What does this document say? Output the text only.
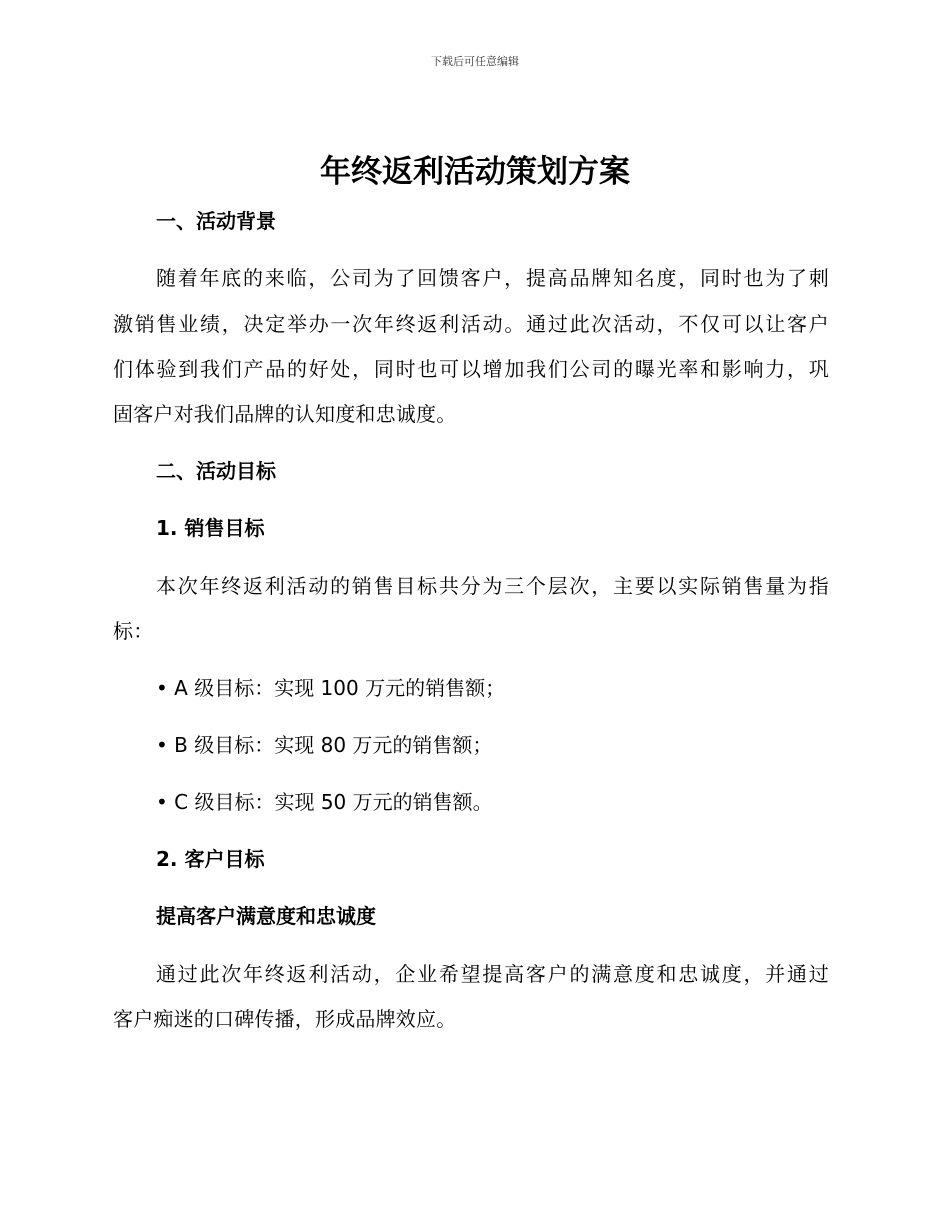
下载后可任意编辑
年终返利活动策划方案
一、活动背景
随着年底的来临，公司为了回馈客户，提高品牌知名度，同时也为了刺
激销售业绩，决定举办一次年终返利活动。通过此次活动，不仅可以让客户
们体验到我们产品的好处，同时也可以增加我们公司的曝光率和影响力，巩
固客户对我们品牌的认知度和忠诚度。
二、活动目标
1. 销售目标
本次年终返利活动的销售目标共分为三个层次，主要以实际销售量为指
标：
• A 级目标：实现 100 万元的销售额；
• B 级目标：实现 80 万元的销售额；
• C 级目标：实现 50 万元的销售额。
2. 客户目标
提高客户满意度和忠诚度
通过此次年终返利活动，企业希望提高客户的满意度和忠诚度，并通过
客户痴迷的口碑传播，形成品牌效应。
